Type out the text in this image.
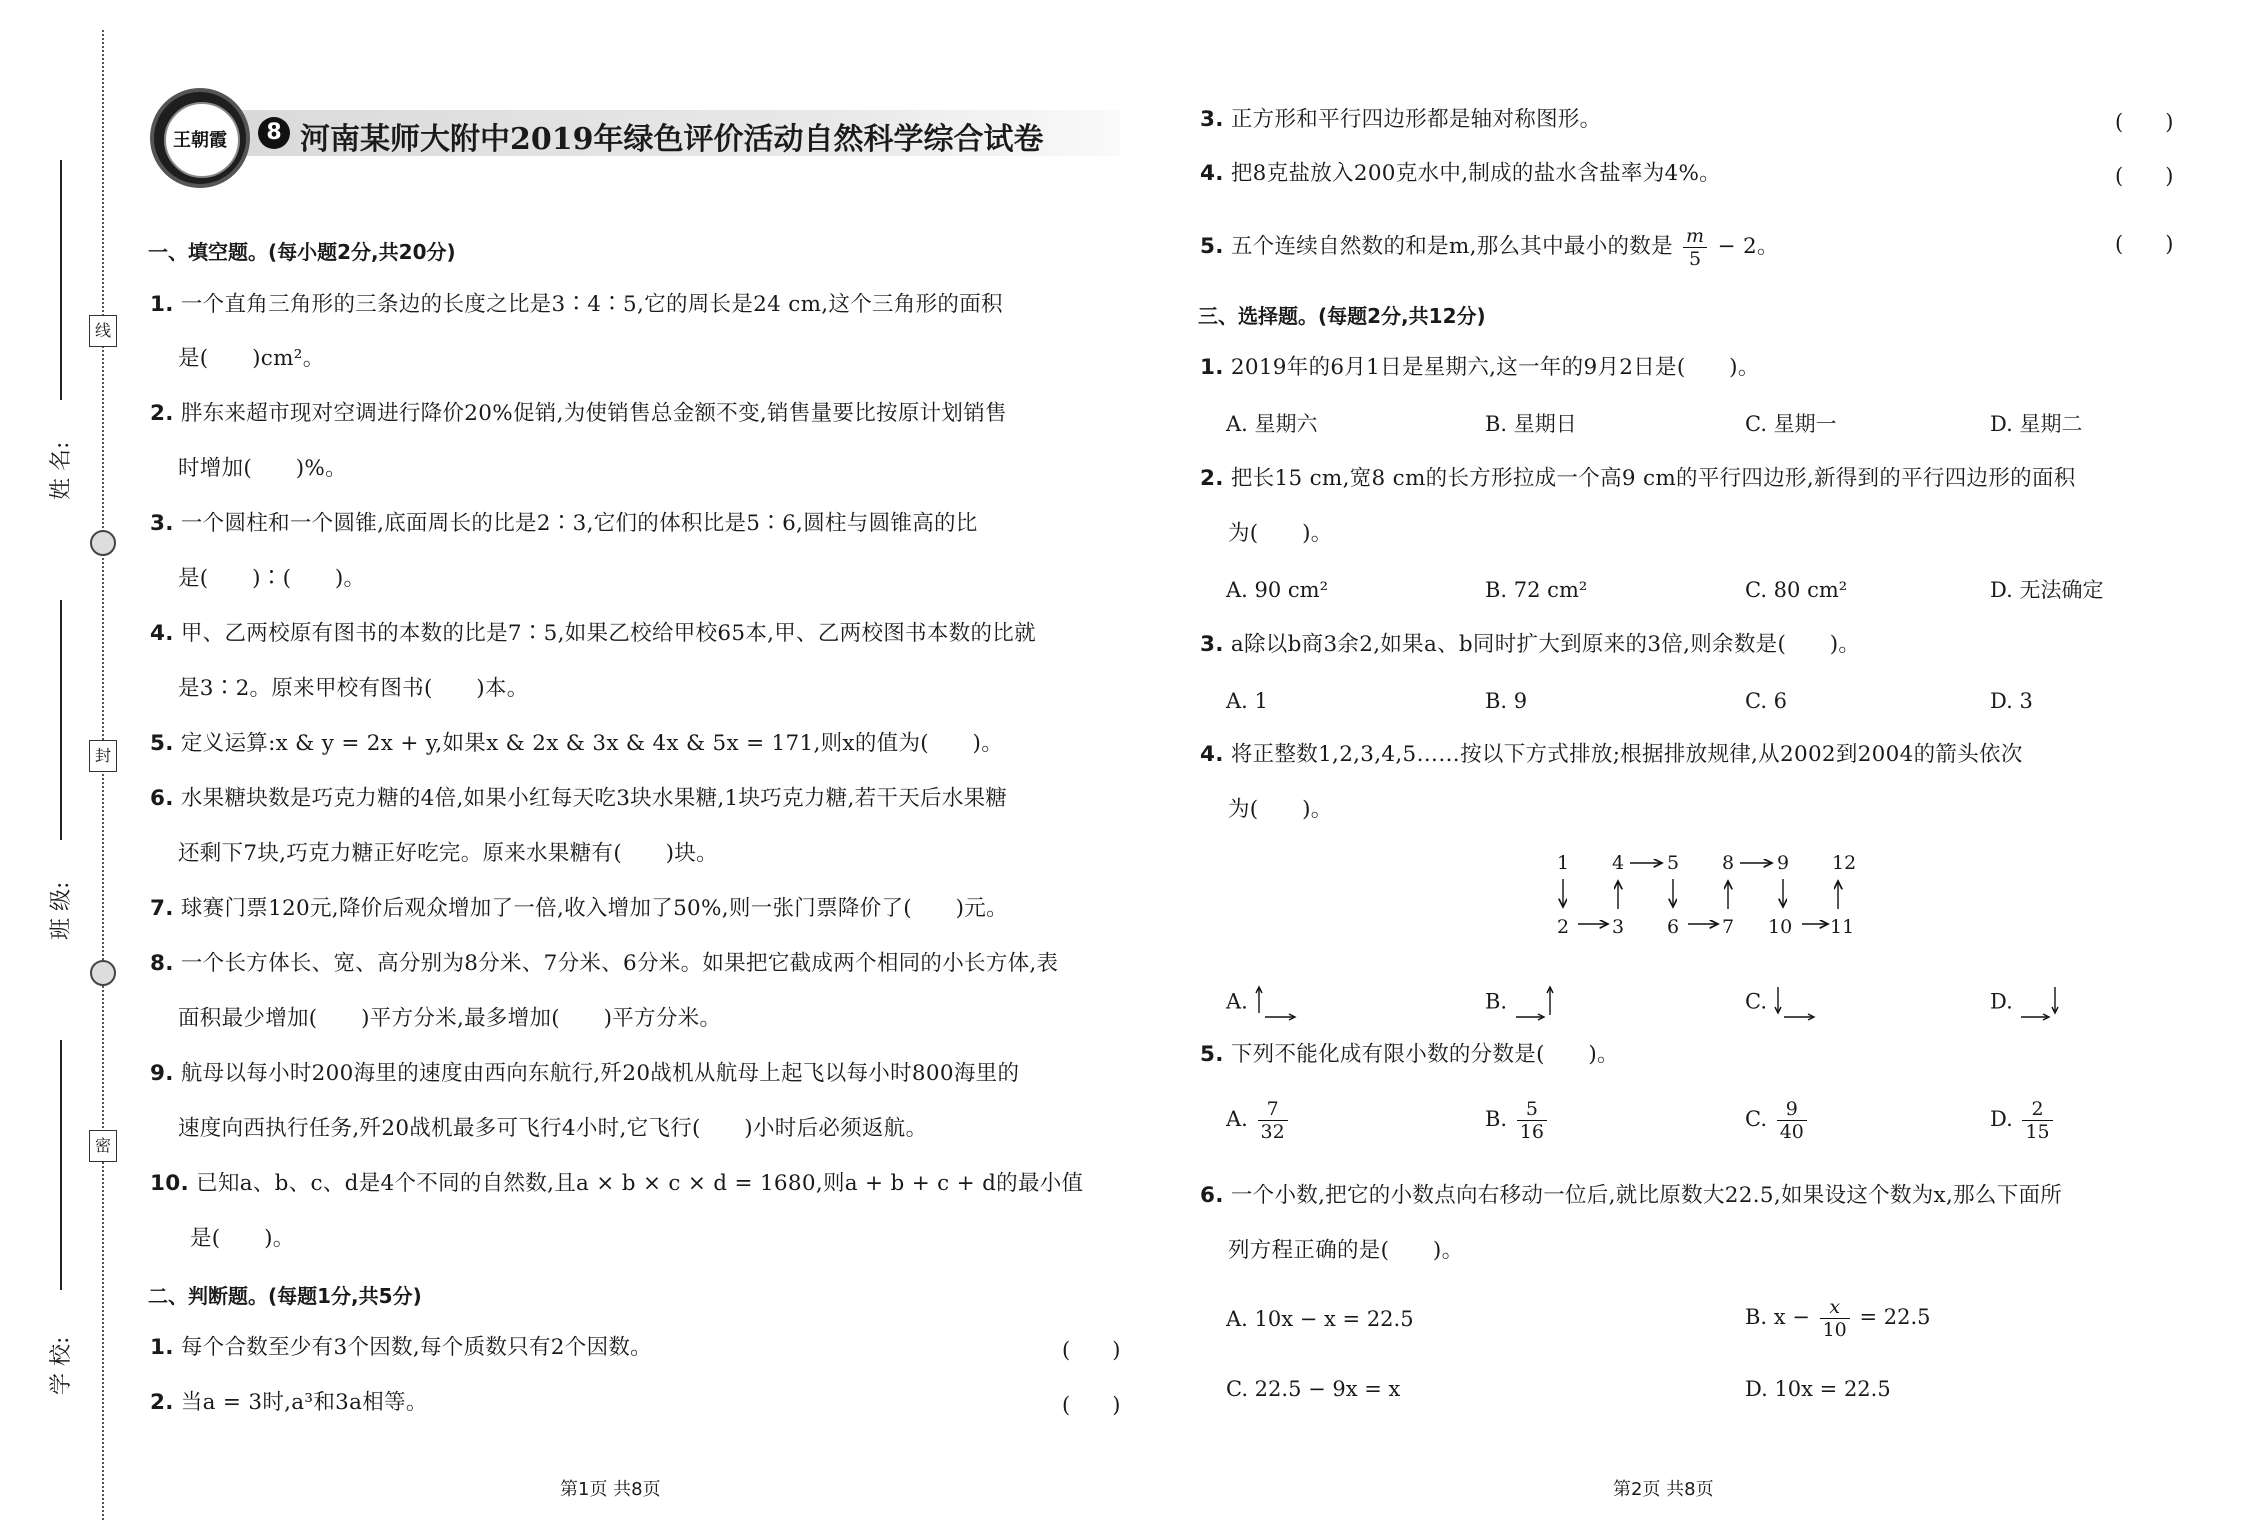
姓 名:
班 级:
学 校:
线
封
密
王朝霞	8 河南某师大附中2019年绿色评价活动自然科学综合试卷
一、填空题。(每小题2分,共20分)
1. 一个直角三角形的三条边的长度之比是3∶4∶5,它的周长是24 cm,这个三角形的面积
是(　　)cm²。
2. 胖东来超市现对空调进行降价20%促销,为使销售总金额不变,销售量要比按原计划销售
时增加(　　)%。
3. 一个圆柱和一个圆锥,底面周长的比是2∶3,它们的体积比是5∶6,圆柱与圆锥高的比
是(　　)∶(　　)。
4. 甲、乙两校原有图书的本数的比是7∶5,如果乙校给甲校65本,甲、乙两校图书本数的比就
是3∶2。原来甲校有图书(　　)本。
5. 定义运算:x & y = 2x + y,如果x & 2x & 3x & 4x & 5x = 171,则x的值为(　　)。
6. 水果糖块数是巧克力糖的4倍,如果小红每天吃3块水果糖,1块巧克力糖,若干天后水果糖
还剩下7块,巧克力糖正好吃完。原来水果糖有(　　)块。
7. 球赛门票120元,降价后观众增加了一倍,收入增加了50%,则一张门票降价了(　　)元。
8. 一个长方体长、宽、高分别为8分米、7分米、6分米。如果把它截成两个相同的小长方体,表
面积最少增加(　　)平方分米,最多增加(　　)平方分米。
9. 航母以每小时200海里的速度由西向东航行,歼20战机从航母上起飞以每小时800海里的
速度向西执行任务,歼20战机最多可飞行4小时,它飞行(　　)小时后必须返航。
10. 已知a、b、c、d是4个不同的自然数,且a × b × c × d = 1680,则a + b + c + d的最小值
是(　　)。
二、判断题。(每题1分,共5分)
1. 每个合数至少有3个因数,每个质数只有2个因数。	(　　)
2. 当a = 3时,a³和3a相等。	(　　)
第1页 共8页
3. 正方形和平行四边形都是轴对称图形。	(　　)
4. 把8克盐放入200克水中,制成的盐水含盐率为4%。	(　　)
5. 五个连续自然数的和是m,那么其中最小的数是 $\frac{m}{5} - 2$。	(　　)
三、选择题。(每题2分,共12分)
1. 2019年的6月1日是星期六,这一年的9月2日是(　　)。
A. 星期六	B. 星期日	C. 星期一	D. 星期二
2. 把长15 cm,宽8 cm的长方形拉成一个高9 cm的平行四边形,新得到的平行四边形的面积
为(　　)。
A. 90 cm²	B. 72 cm²	C. 80 cm²	D. 无法确定
3. a除以b商3余2,如果a、b同时扩大到原来的3倍,则余数是(　　)。
A. 1	B. 9	C. 6	D. 3
4. 将正整数1,2,3,4,5……按以下方式排放;根据排放规律,从2002到2004的箭头依次
为(　　)。
1
2 3
4 5
6 7
8 9
10 11
12
A.	B.	C.	D.
5. 下列不能化成有限小数的分数是(　　)。
A. $\frac{7}{32}$	B. $\frac{5}{16}$	C. $\frac{9}{40}$	D. $\frac{2}{15}$
6. 一个小数,把它的小数点向右移动一位后,就比原数大22.5,如果设这个数为x,那么下面所
列方程正确的是(　　)。
A. 10x − x = 22.5	B. $x - \frac{x}{10} = 22.5$
C. 22.5 − 9x = x	D. 10x = 22.5
第2页 共8页
